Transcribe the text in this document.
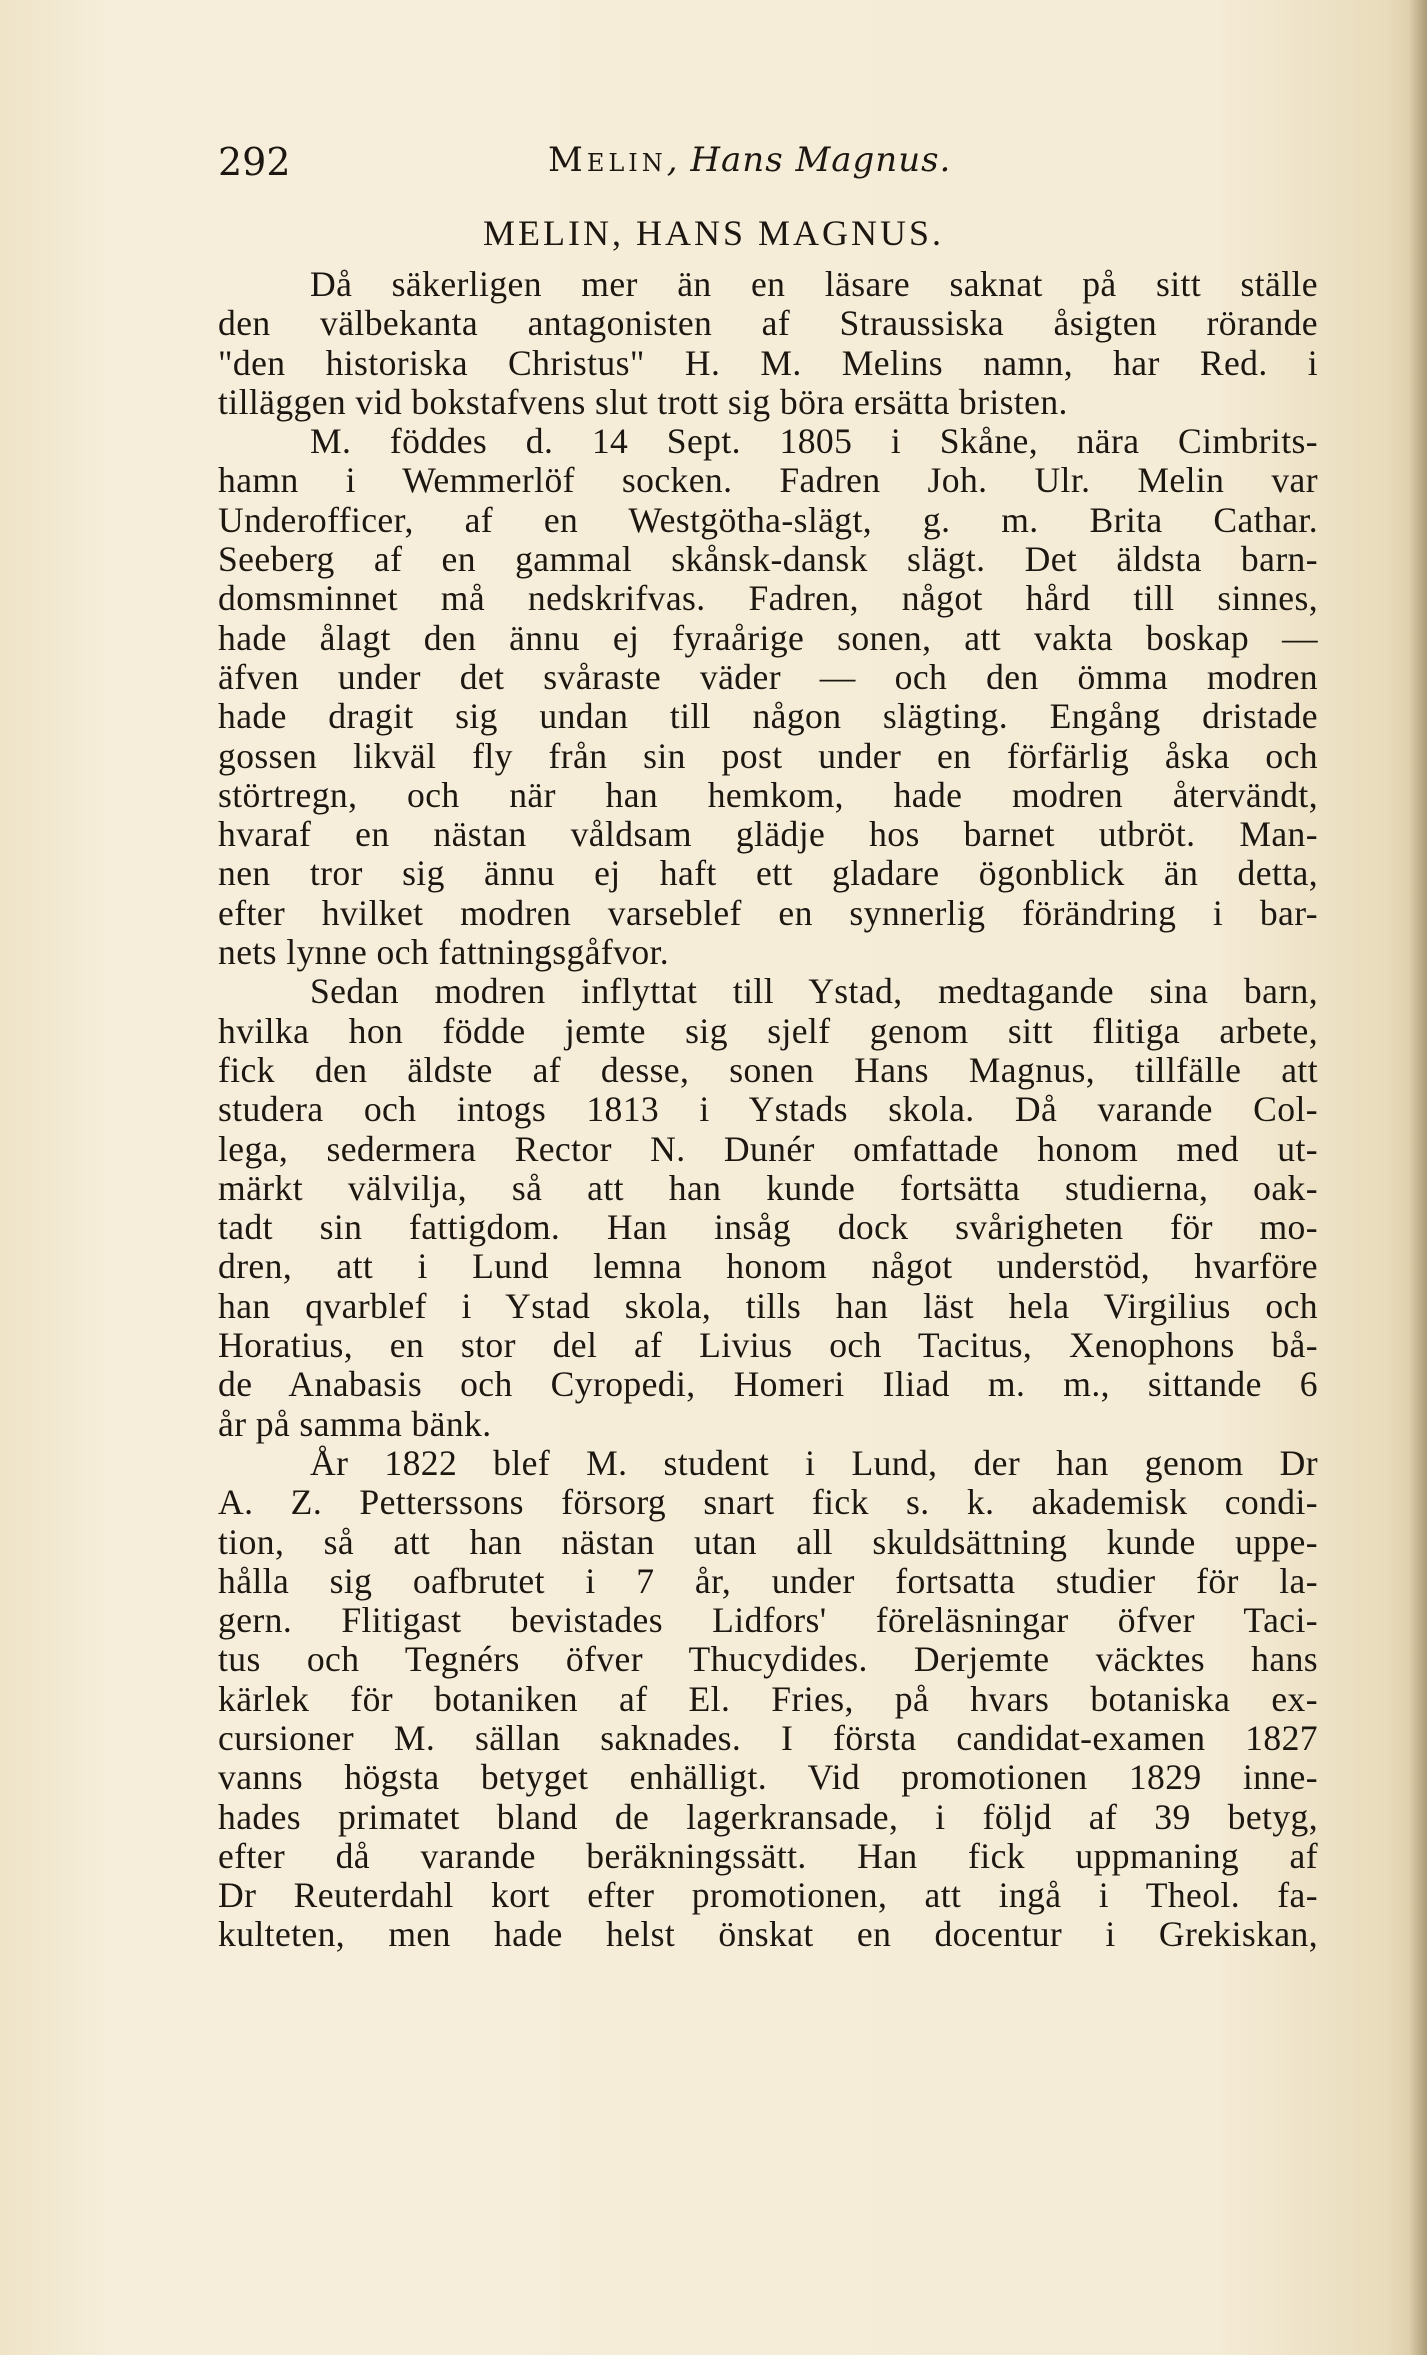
292	Melin, Hans Magnus.
MELIN, HANS MAGNUS.
Då säkerligen mer än en läsare saknat på sitt ställe
den välbekanta antagonisten af Straussiska åsigten rörande
"den historiska Christus" H. M. Melins namn, har Red. i
tilläggen vid bokstafvens slut trott sig böra ersätta bristen.
M. föddes d. 14 Sept. 1805 i Skåne, nära Cimbrits-
hamn i Wemmerlöf socken. Fadren Joh. Ulr. Melin var
Underofficer, af en Westgötha-slägt, g. m. Brita Cathar.
Seeberg af en gammal skånsk-dansk slägt. Det äldsta barn-
domsminnet må nedskrifvas. Fadren, något hård till sinnes,
hade ålagt den ännu ej fyraårige sonen, att vakta boskap —
äfven under det svåraste väder — och den ömma modren
hade dragit sig undan till någon slägting. Engång dristade
gossen likväl fly från sin post under en förfärlig åska och
störtregn, och när han hemkom, hade modren återvändt,
hvaraf en nästan våldsam glädje hos barnet utbröt. Man-
nen tror sig ännu ej haft ett gladare ögonblick än detta,
efter hvilket modren varseblef en synnerlig förändring i bar-
nets lynne och fattningsgåfvor.
Sedan modren inflyttat till Ystad, medtagande sina barn,
hvilka hon födde jemte sig sjelf genom sitt flitiga arbete,
fick den äldste af desse, sonen Hans Magnus, tillfälle att
studera och intogs 1813 i Ystads skola. Då varande Col-
lega, sedermera Rector N. Dunér omfattade honom med ut-
märkt välvilja, så att han kunde fortsätta studierna, oak-
tadt sin fattigdom. Han insåg dock svårigheten för mo-
dren, att i Lund lemna honom något understöd, hvarföre
han qvarblef i Ystad skola, tills han läst hela Virgilius och
Horatius, en stor del af Livius och Tacitus, Xenophons bå-
de Anabasis och Cyropedi, Homeri Iliad m. m., sittande 6
år på samma bänk.
År 1822 blef M. student i Lund, der han genom Dr
A. Z. Petterssons försorg snart fick s. k. akademisk condi-
tion, så att han nästan utan all skuldsättning kunde uppe-
hålla sig oafbrutet i 7 år, under fortsatta studier för la-
gern. Flitigast bevistades Lidfors' föreläsningar öfver Taci-
tus och Tegnérs öfver Thucydides. Derjemte väcktes hans
kärlek för botaniken af El. Fries, på hvars botaniska ex-
cursioner M. sällan saknades. I första candidat-examen 1827
vanns högsta betyget enhälligt. Vid promotionen 1829 inne-
hades primatet bland de lagerkransade, i följd af 39 betyg,
efter då varande beräkningssätt. Han fick uppmaning af
Dr Reuterdahl kort efter promotionen, att ingå i Theol. fa-
kulteten, men hade helst önskat en docentur i Grekiskan,
